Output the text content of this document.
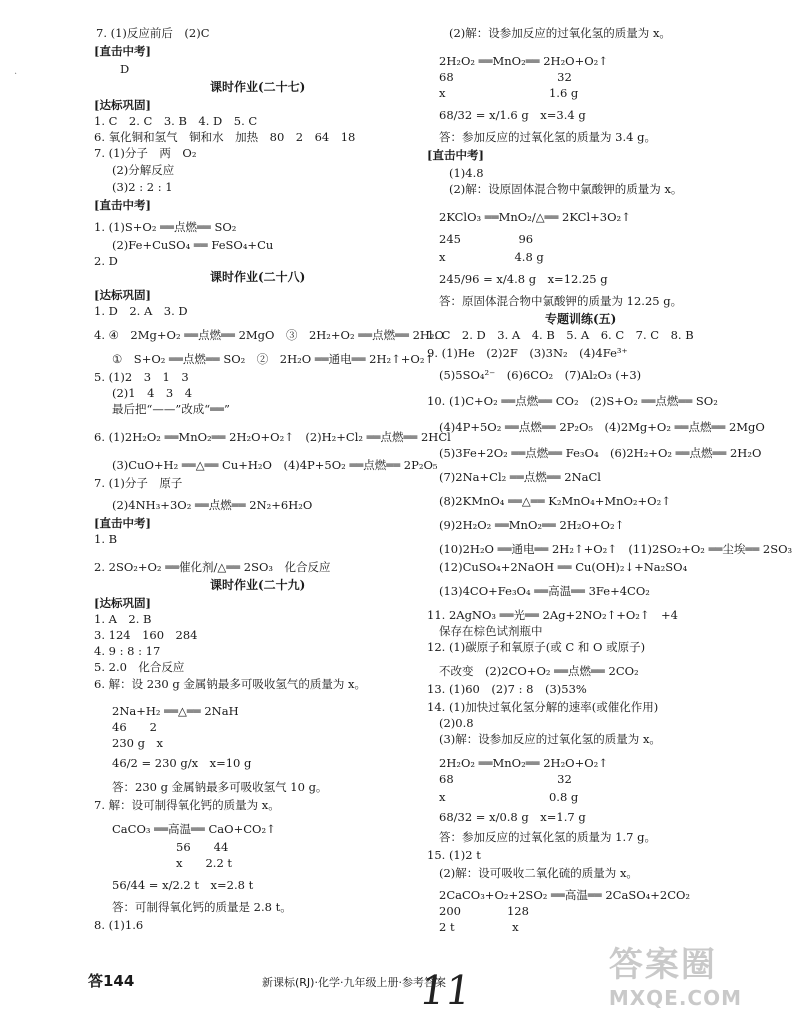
.
7. (1)反应前后　(2)C
[直击中考]
D
课时作业(二十七)
[达标巩固]
1. C　2. C　3. B　4. D　5. C
6. 氧化铜和氢气　铜和水　加热　80　2　64　18
7. (1)分子　两　O₂
(2)分解反应
(3)2 : 2 : 1
[直击中考]
1. (1)S+O₂ ══点燃══ SO₂
(2)Fe+CuSO₄ ══ FeSO₄+Cu
2. D
课时作业(二十八)
[达标巩固]
1. D　2. A　3. D
4. ④　2Mg+O₂ ══点燃══ 2MgO　③　2H₂+O₂ ══点燃══ 2H₂O
①　S+O₂ ══点燃══ SO₂　②　2H₂O ══通电══ 2H₂↑+O₂↑
5. (1)2　3　1　3
(2)1　4　3　4
最后把“——”改成“══”
6. (1)2H₂O₂ ══MnO₂══ 2H₂O+O₂↑　(2)H₂+Cl₂ ══点燃══ 2HCl
(3)CuO+H₂ ══△══ Cu+H₂O　(4)4P+5O₂ ══点燃══ 2P₂O₅
7. (1)分子　原子
(2)4NH₃+3O₂ ══点燃══ 2N₂+6H₂O
[直击中考]
1. B
2. 2SO₂+O₂ ══催化剂/△══ 2SO₃　化合反应
课时作业(二十九)
[达标巩固]
1. A　2. B
3. 124　160　284
4. 9 : 8 : 17
5. 2.0　化合反应
6. 解：设 230 g 金属钠最多可吸收氢气的质量为 x。
2Na+H₂ ══△══ 2NaH
46　　2
230 g　x
46/2 = 230 g/x　x=10 g
答：230 g 金属钠最多可吸收氢气 10 g。
7. 解：设可制得氧化钙的质量为 x。
CaCO₃ ══高温══ CaO+CO₂↑
56　　44
x　　2.2 t
56/44 = x/2.2 t　x=2.8 t
答：可制得氧化钙的质量是 2.8 t。
8. (1)1.6
(2)解：设参加反应的过氧化氢的质量为 x。
2H₂O₂ ══MnO₂══ 2H₂O+O₂↑
68　　　　　　　　　32
x　　　　　　　　　1.6 g
68/32 = x/1.6 g　x=3.4 g
答：参加反应的过氧化氢的质量为 3.4 g。
[直击中考]
(1)4.8
(2)解：设原固体混合物中氯酸钾的质量为 x。
2KClO₃ ══MnO₂/△══ 2KCl+3O₂↑
245　　　　　96
x　　　　　　4.8 g
245/96 = x/4.8 g　x=12.25 g
答：原固体混合物中氯酸钾的质量为 12.25 g。
专题训练(五)
1. C　2. D　3. A　4. B　5. A　6. C　7. C　8. B
9. (1)He　(2)2F　(3)3N₂　(4)4Fe³⁺
(5)5SO₄²⁻　(6)6CO₂　(7)Al₂O₃ (+3)
10. (1)C+O₂ ══点燃══ CO₂　(2)S+O₂ ══点燃══ SO₂
(4)4P+5O₂ ══点燃══ 2P₂O₅　(4)2Mg+O₂ ══点燃══ 2MgO
(5)3Fe+2O₂ ══点燃══ Fe₃O₄　(6)2H₂+O₂ ══点燃══ 2H₂O
(7)2Na+Cl₂ ══点燃══ 2NaCl
(8)2KMnO₄ ══△══ K₂MnO₄+MnO₂+O₂↑
(9)2H₂O₂ ══MnO₂══ 2H₂O+O₂↑
(10)2H₂O ══通电══ 2H₂↑+O₂↑　(11)2SO₂+O₂ ══尘埃══ 2SO₃
(12)CuSO₄+2NaOH ══ Cu(OH)₂↓+Na₂SO₄
(13)4CO+Fe₃O₄ ══高温══ 3Fe+4CO₂
11. 2AgNO₃ ══光══ 2Ag+2NO₂↑+O₂↑　+4
保存在棕色试剂瓶中
12. (1)碳原子和氧原子(或 C 和 O 或原子)
不改变　(2)2CO+O₂ ══点燃══ 2CO₂
13. (1)60　(2)7 : 8　(3)53%
14. (1)加快过氧化氢分解的速率(或催化作用)
(2)0.8
(3)解：设参加反应的过氧化氢的质量为 x。
2H₂O₂ ══MnO₂══ 2H₂O+O₂↑
68　　　　　　　　　32
x　　　　　　　　　0.8 g
68/32 = x/0.8 g　x=1.7 g
答：参加反应的过氧化氢的质量为 1.7 g。
15. (1)2 t
(2)解：设可吸收二氧化硫的质量为 x。
2CaCO₃+O₂+2SO₂ ══高温══ 2CaSO₄+2CO₂
200　　　　128
2 t　　　　　x
答144	新课标(RJ)·化学·九年级上册·参考答案
11
答案圈
MXQE.COM
